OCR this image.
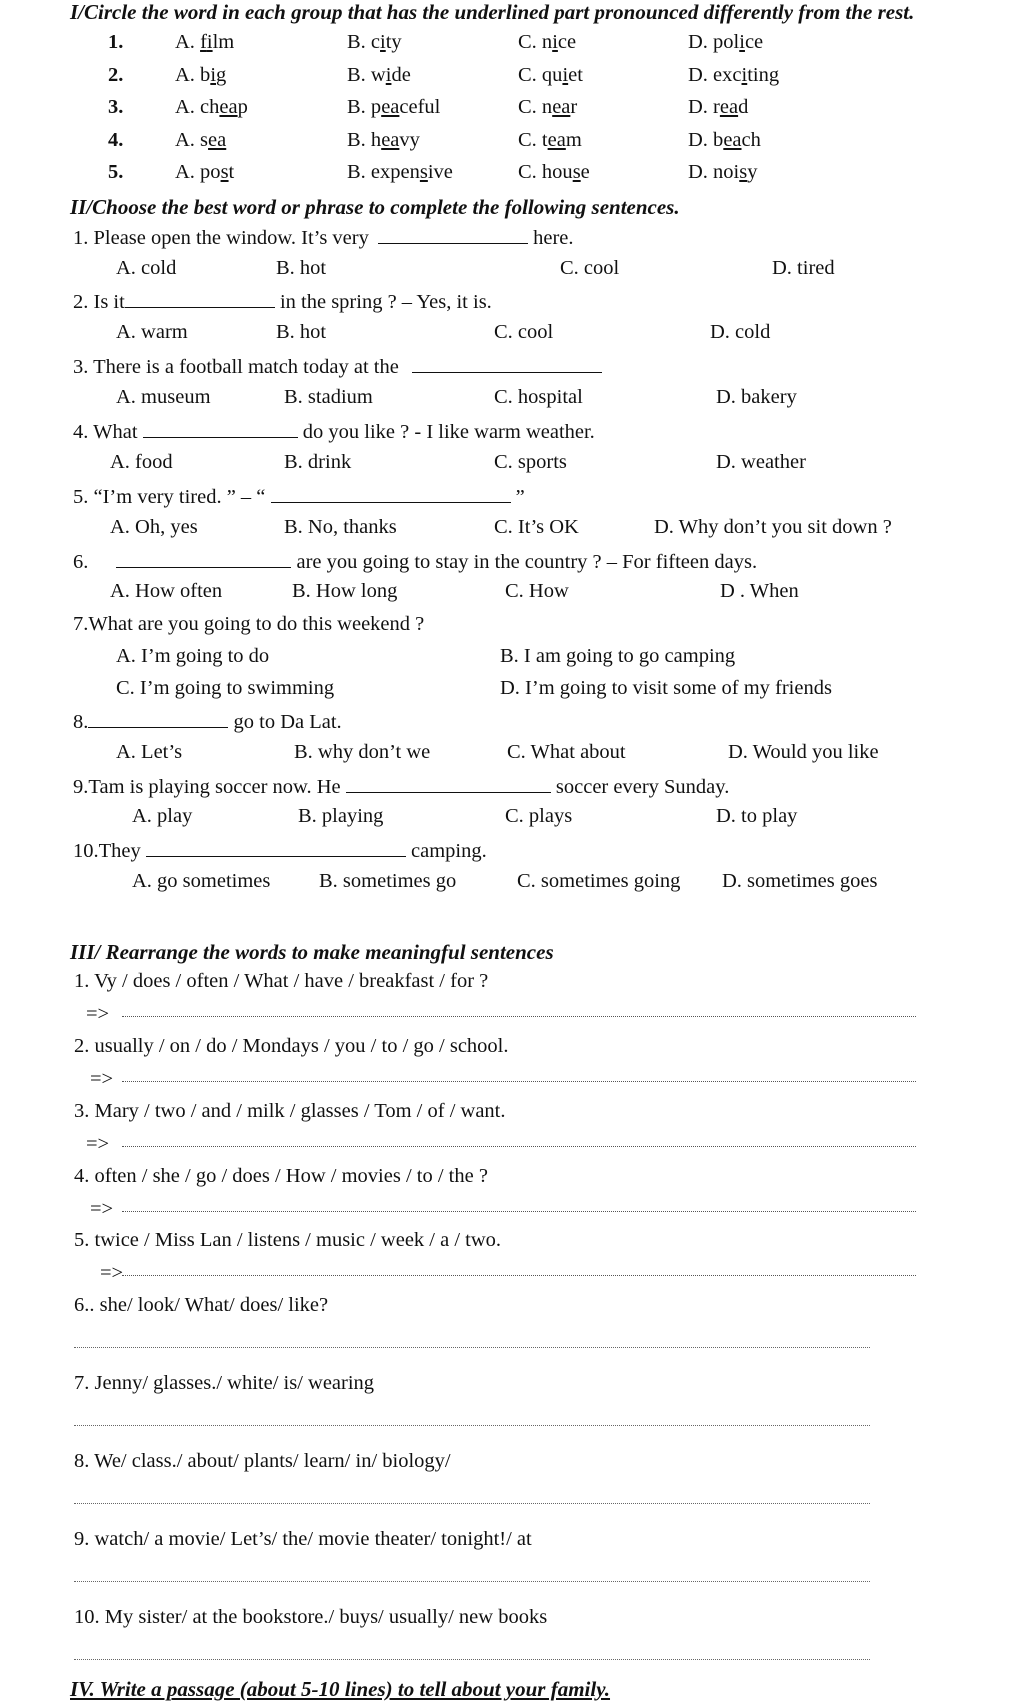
I/Circle the word in each group that has the underlined part pronounced differently from the rest.
1.	A. film	B. city	C. nice	D. police
2.	A. big	B. wide	C. quiet	D. exciting
3.	A. cheap	B. peaceful	C. near	D. read
4.	A. sea	B. heavy	C. team	D. beach
5.	A. post	B. expensive	C. house	D. noisy
II/Choose the best word or phrase to complete the following sentences.
1. Please open the window. It’s very	here.
A. cold	B. hot	C. cool	D. tired
2. Is it	in the spring ? – Yes, it is.
A. warm	B. hot	C. cool	D. cold
3. There is a football match today at the
A. museum	B. stadium	C. hospital	D. bakery
4. What	do you like ? - I like warm weather.
A. food	B. drink	C. sports	D. weather
5. “I’m very tired. ” – “	”
A. Oh, yes	B. No, thanks	C. It’s OK	D. Why don’t you sit down ?
6.	are you going to stay in the country ? – For fifteen days.
A. How often	B. How long	C. How	D . When
7.What are you going to do this weekend ?
A. I’m going to do	B. I am going to go camping
C. I’m going to swimming	D. I’m going to visit some of my friends
8.	go to Da Lat.
A. Let’s	B. why don’t we	C. What about	D. Would you like
9.Tam is playing soccer now. He	soccer every Sunday.
A. play	B. playing	C. plays	D. to play
10.They	camping.
A. go sometimes B. sometimes go	C. sometimes going D. sometimes goes
III/ Rearrange the words to make meaningful sentences
1. Vy / does / often / What / have / breakfast / for ?
=>
2. usually / on / do / Mondays / you / to / go / school.
=>
3. Mary / two / and / milk / glasses / Tom / of / want.
=>
4. often / she / go / does / How / movies / to / the ?
=>
5. twice / Miss Lan / listens / music / week / a / two.
=>
6.. she/ look/ What/ does/ like?
7. Jenny/ glasses./ white/ is/ wearing
8. We/ class./ about/ plants/ learn/ in/ biology/
9. watch/ a movie/ Let’s/ the/ movie theater/ tonight!/ at
10. My sister/ at the bookstore./ buys/ usually/ new books
IV. Write a passage (about 5-10 lines) to tell about your family.
